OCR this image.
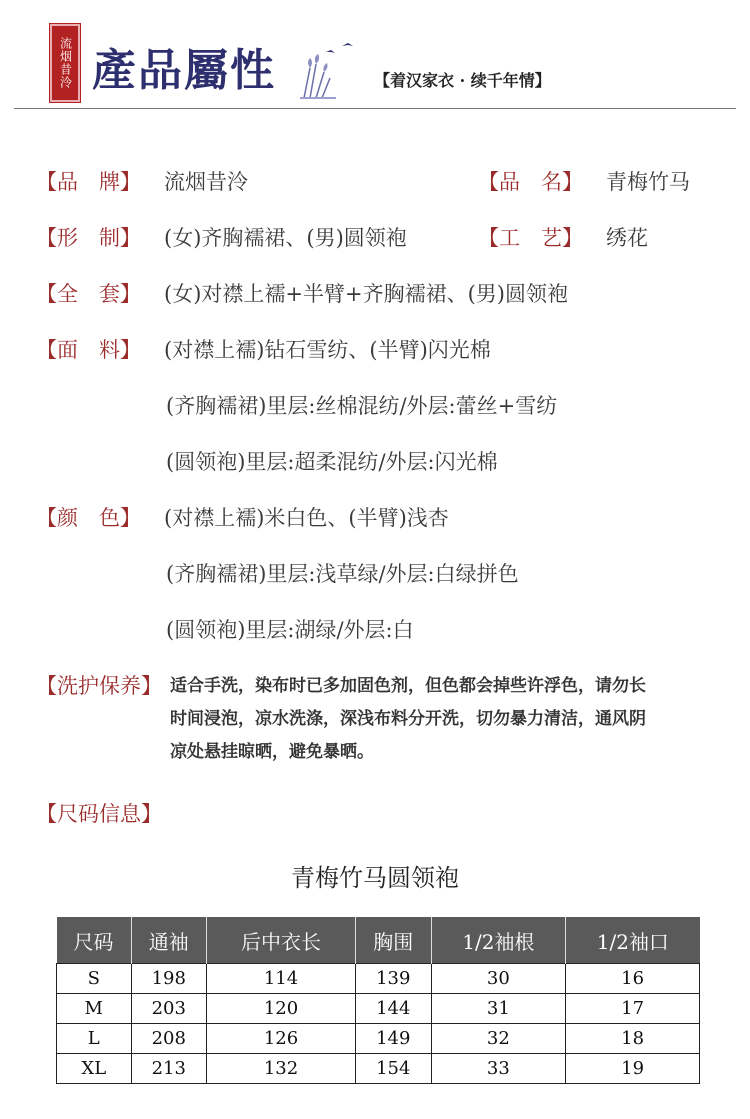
流烟昔泠 產品屬性	【着汉家衣 · 续千年情】
【品　牌】	流烟昔泠	【品　名】	青梅竹马
【形　制】	(女)齐胸襦裙、(男)圆领袍	【工　艺】	绣花
【全　套】	(女)对襟上襦+半臂+齐胸襦裙、(男)圆领袍
【面　料】	(对襟上襦)钻石雪纺、(半臂)闪光棉
(齐胸襦裙)里层:丝棉混纺/外层:蕾丝+雪纺
(圆领袍)里层:超柔混纺/外层:闪光棉
【颜　色】	(对襟上襦)米白色、(半臂)浅杏
(齐胸襦裙)里层:浅草绿/外层:白绿拼色
(圆领袍)里层:湖绿/外层:白
【洗护保养】 适合手洗，染布时已多加固色剂，但色都会掉些许浮色，请勿长
时间浸泡，凉水洗涤，深浅布料分开洗，切勿暴力清洁，通风阴
凉处悬挂晾晒，避免暴晒。
【尺码信息】
青梅竹马圆领袍
尺码	通袖	后中衣长	胸围	1/2袖根	1/2袖口
S	198	114	139	30	16
M	203	120	144	31	17
L	208	126	149	32	18
XL	213	132	154	33	19
